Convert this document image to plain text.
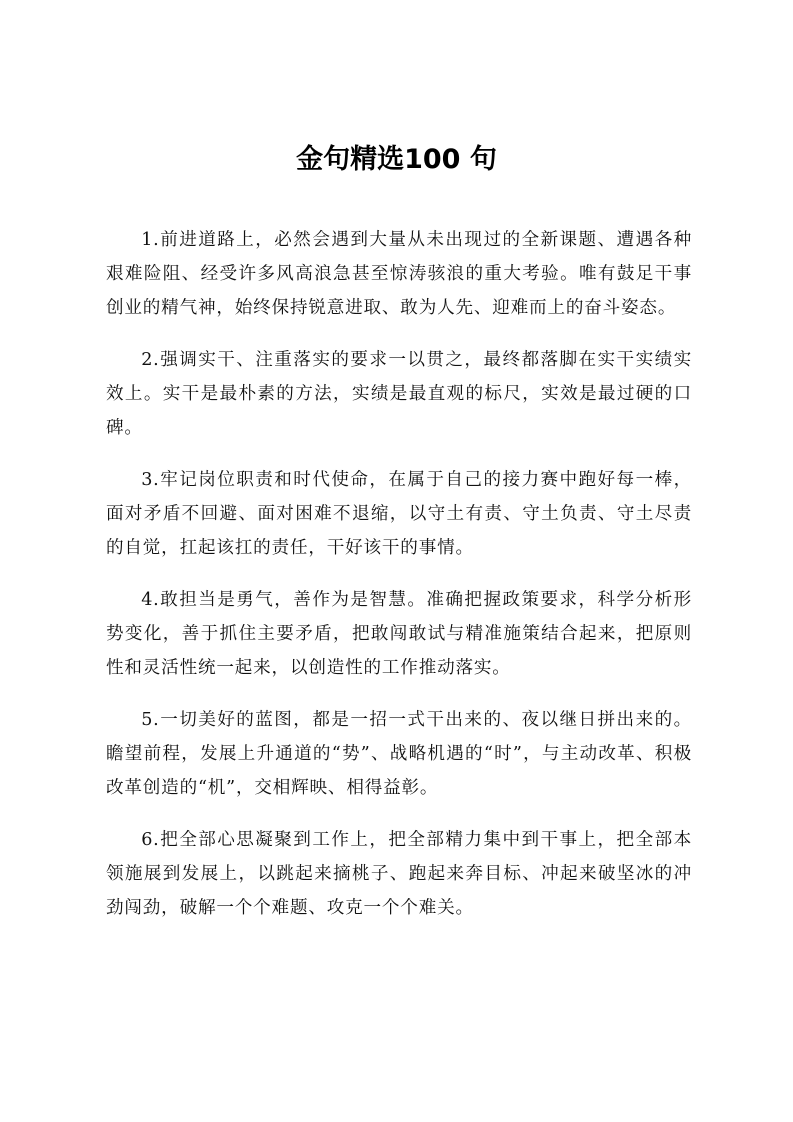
金句精选100 句

1.前进道路上，必然会遇到大量从未出现过的全新课题、遭遇各种艰难险阻、经受许多风高浪急甚至惊涛骇浪的重大考验。唯有鼓足干事创业的精气神，始终保持锐意进取、敢为人先、迎难而上的奋斗姿态。

2.强调实干、注重落实的要求一以贯之，最终都落脚在实干实绩实效上。实干是最朴素的方法，实绩是最直观的标尺，实效是最过硬的口碑。

3.牢记岗位职责和时代使命，在属于自己的接力赛中跑好每一棒，面对矛盾不回避、面对困难不退缩，以守土有责、守土负责、守土尽责的自觉，扛起该扛的责任，干好该干的事情。

4.敢担当是勇气，善作为是智慧。准确把握政策要求，科学分析形势变化，善于抓住主要矛盾，把敢闯敢试与精准施策结合起来，把原则性和灵活性统一起来，以创造性的工作推动落实。

5.一切美好的蓝图，都是一招一式干出来的、夜以继日拼出来的。瞻望前程，发展上升通道的“势”、战略机遇的“时”，与主动改革、积极改革创造的“机”，交相辉映、相得益彰。

6.把全部心思凝聚到工作上，把全部精力集中到干事上，把全部本领施展到发展上，以跳起来摘桃子、跑起来奔目标、冲起来破坚冰的冲劲闯劲，破解一个个难题、攻克一个个难关。
